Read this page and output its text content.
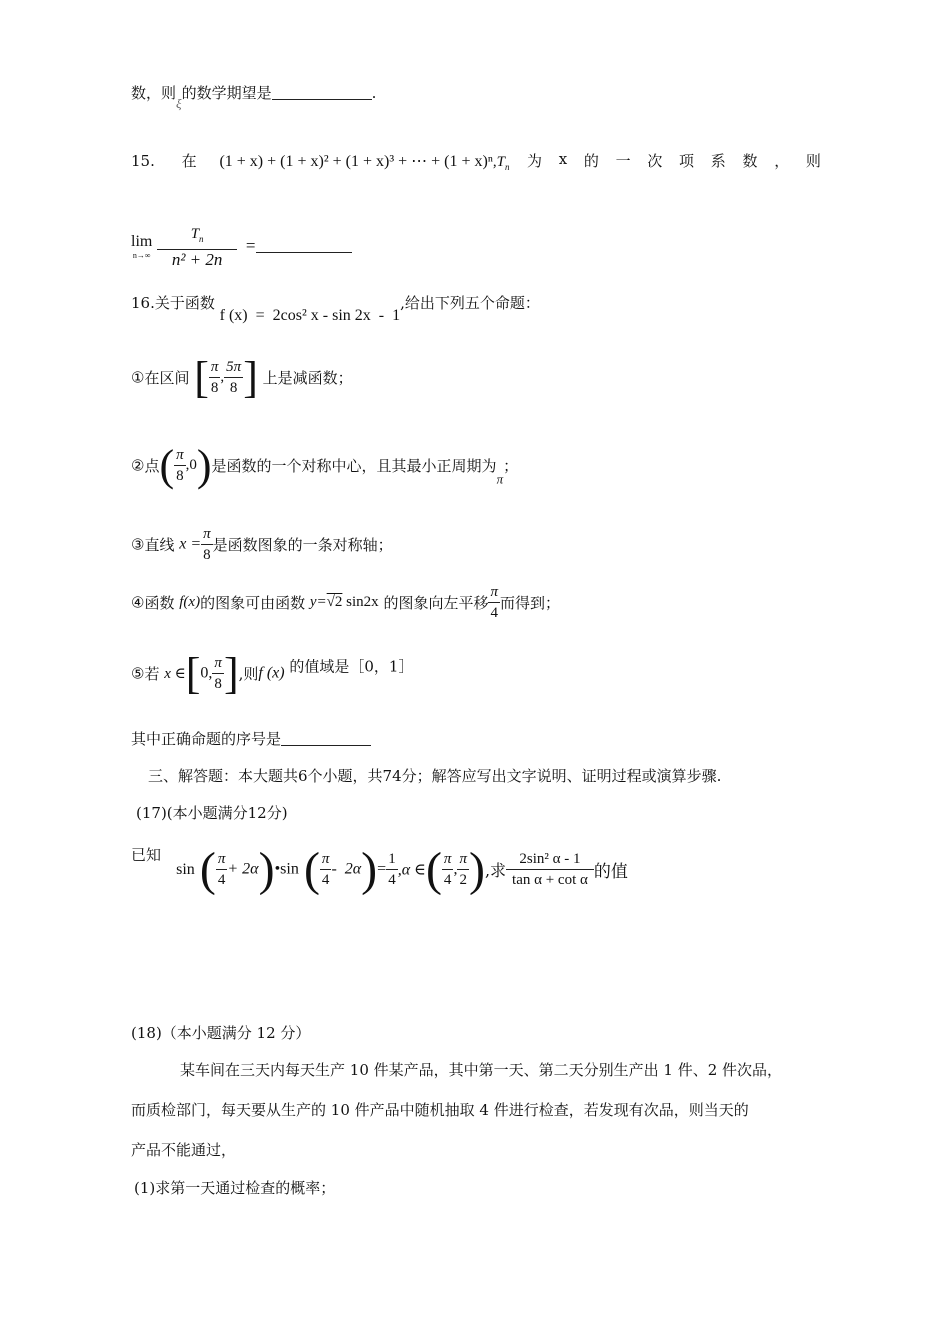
数，则ξ的数学期望是	.
15. 在 (1 + x) + (1 + x)² + (1 + x)³ + ⋯ + $(1 + x)^n,T_n$ 为 x 的 一 次 项 系 数 ， 则
lim
n→∞
$\frac{T_n}{\text{n² + 2n}}$ =
16.关于函数 f (x)  =  2cos² x - sin 2x  -  1,给出下列五个命题：
①在区间 [ $\frac{\pi}{8}$ , $\frac{5\pi}{8}$ ] 上是减函数；
②点( $\frac{\pi}{8} ,0$)是函数的一个对称中心，且其最小正周期为π；
③直线 $x = \frac{\pi}{8}$ 是函数图象的一条对称轴；
④函数 f(x)的图象可由函数 y=√2 sin2x 的图象向左平移 $\frac{\pi}{4}$ 而得到；
⑤若 x ∈[0, $\frac{\pi}{8}$ ],则f (x) 的值域是［0，1］
其中正确命题的序号是
三、解答题：本大题共6个小题，共74分；解答应写出文字说明、证明过程或演算步骤.
(17)(本小题满分12分)
已知 sin ( $\frac{\pi}{4}$ + 2α)•sin ( $\frac{\pi}{4} - 2\alpha)= \frac{1}{4} ,\alpha$ ∈( $\frac{\pi}{4}$ , $\frac{\pi}{2}$ ),求 $\frac{\text{2sin² α - 1}}{\text{tan α + cot α}}$ 的值
(18)（本小题满分 12 分）
某车间在三天内每天生产 10 件某产品，其中第一天、第二天分别生产出 1 件、2 件次品，
而质检部门，每天要从生产的 10 件产品中随机抽取 4 件进行检查，若发现有次品，则当天的
产品不能通过，
(1)求第一天通过检查的概率；
